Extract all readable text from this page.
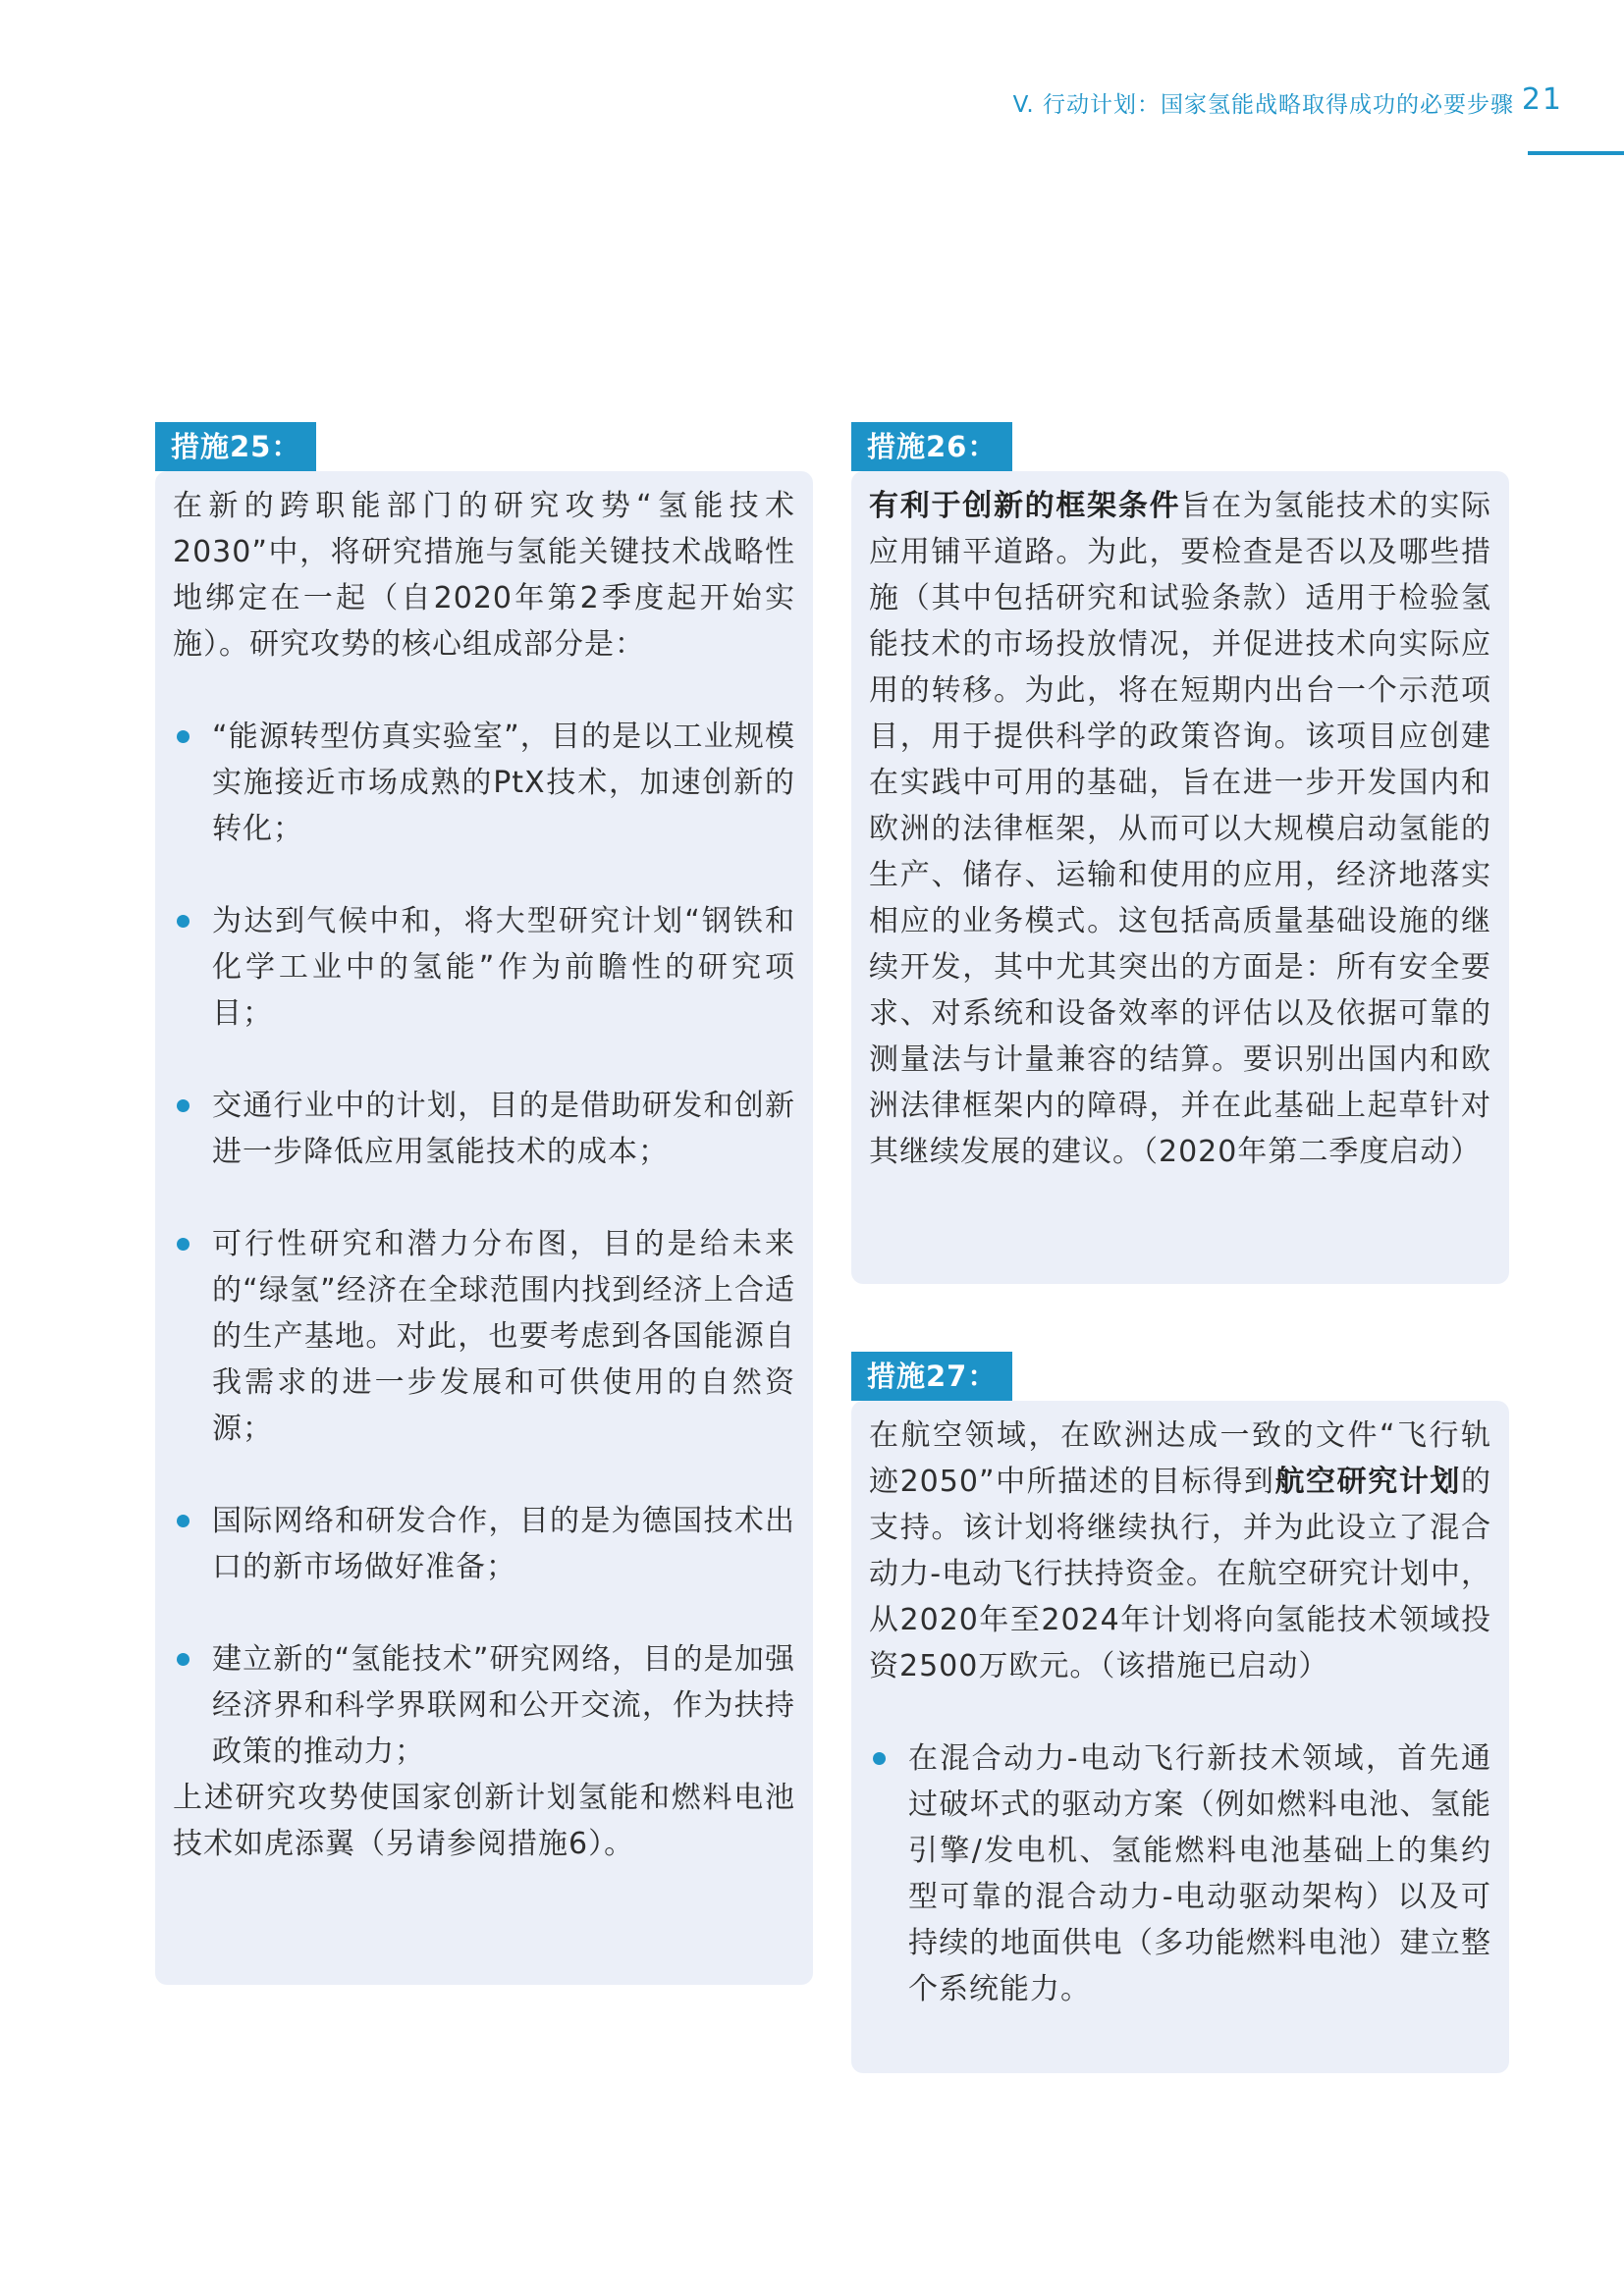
V. 行动计划：国家氢能战略取得成功的必要步骤 21
措施25：

在新的跨职能部门的研究攻势“氢能技术2030”中，将研究措施与氢能关键技术战略性地绑定在一起（自2020年第2季度起开始实施）。研究攻势的核心组成部分是：

“能源转型仿真实验室”，目的是以工业规模实施接近市场成熟的PtX技术，加速创新的转化；
为达到气候中和，将大型研究计划“钢铁和化学工业中的氢能”作为前瞻性的研究项目；
交通行业中的计划，目的是借助研发和创新进一步降低应用氢能技术的成本；
可行性研究和潜力分布图，目的是给未来的“绿氢”经济在全球范围内找到经济上合适的生产基地。对此，也要考虑到各国能源自我需求的进一步发展和可供使用的自然资源；
国际网络和研发合作，目的是为德国技术出口的新市场做好准备；
建立新的“氢能技术”研究网络，目的是加强经济界和科学界联网和公开交流，作为扶持政策的推动力；

上述研究攻势使国家创新计划氢能和燃料电池技术如虎添翼（另请参阅措施6）。

措施26：

有利于创新的框架条件旨在为氢能技术的实际应用铺平道路。为此，要检查是否以及哪些措施（其中包括研究和试验条款）适用于检验氢能技术的市场投放情况，并促进技术向实际应用的转移。为此，将在短期内出台一个示范项目，用于提供科学的政策咨询。该项目应创建在实践中可用的基础，旨在进一步开发国内和欧洲的法律框架，从而可以大规模启动氢能的生产、储存、运输和使用的应用，经济地落实相应的业务模式。这包括高质量基础设施的继续开发，其中尤其突出的方面是：所有安全要求、对系统和设备效率的评估以及依据可靠的测量法与计量兼容的结算。要识别出国内和欧洲法律框架内的障碍，并在此基础上起草针对其继续发展的建议。（2020年第二季度启动）

措施27：

在航空领域，在欧洲达成一致的文件“飞行轨迹2050”中所描述的目标得到航空研究计划的支持。该计划将继续执行，并为此设立了混合动力-电动飞行扶持资金。在航空研究计划中，从2020年至2024年计划将向氢能技术领域投资2500万欧元。（该措施已启动）

在混合动力-电动飞行新技术领域，首先通过破坏式的驱动方案（例如燃料电池、氢能引擎/发电机、氢能燃料电池基础上的集约型可靠的混合动力-电动驱动架构）以及可持续的地面供电（多功能燃料电池）建立整个系统能力。
